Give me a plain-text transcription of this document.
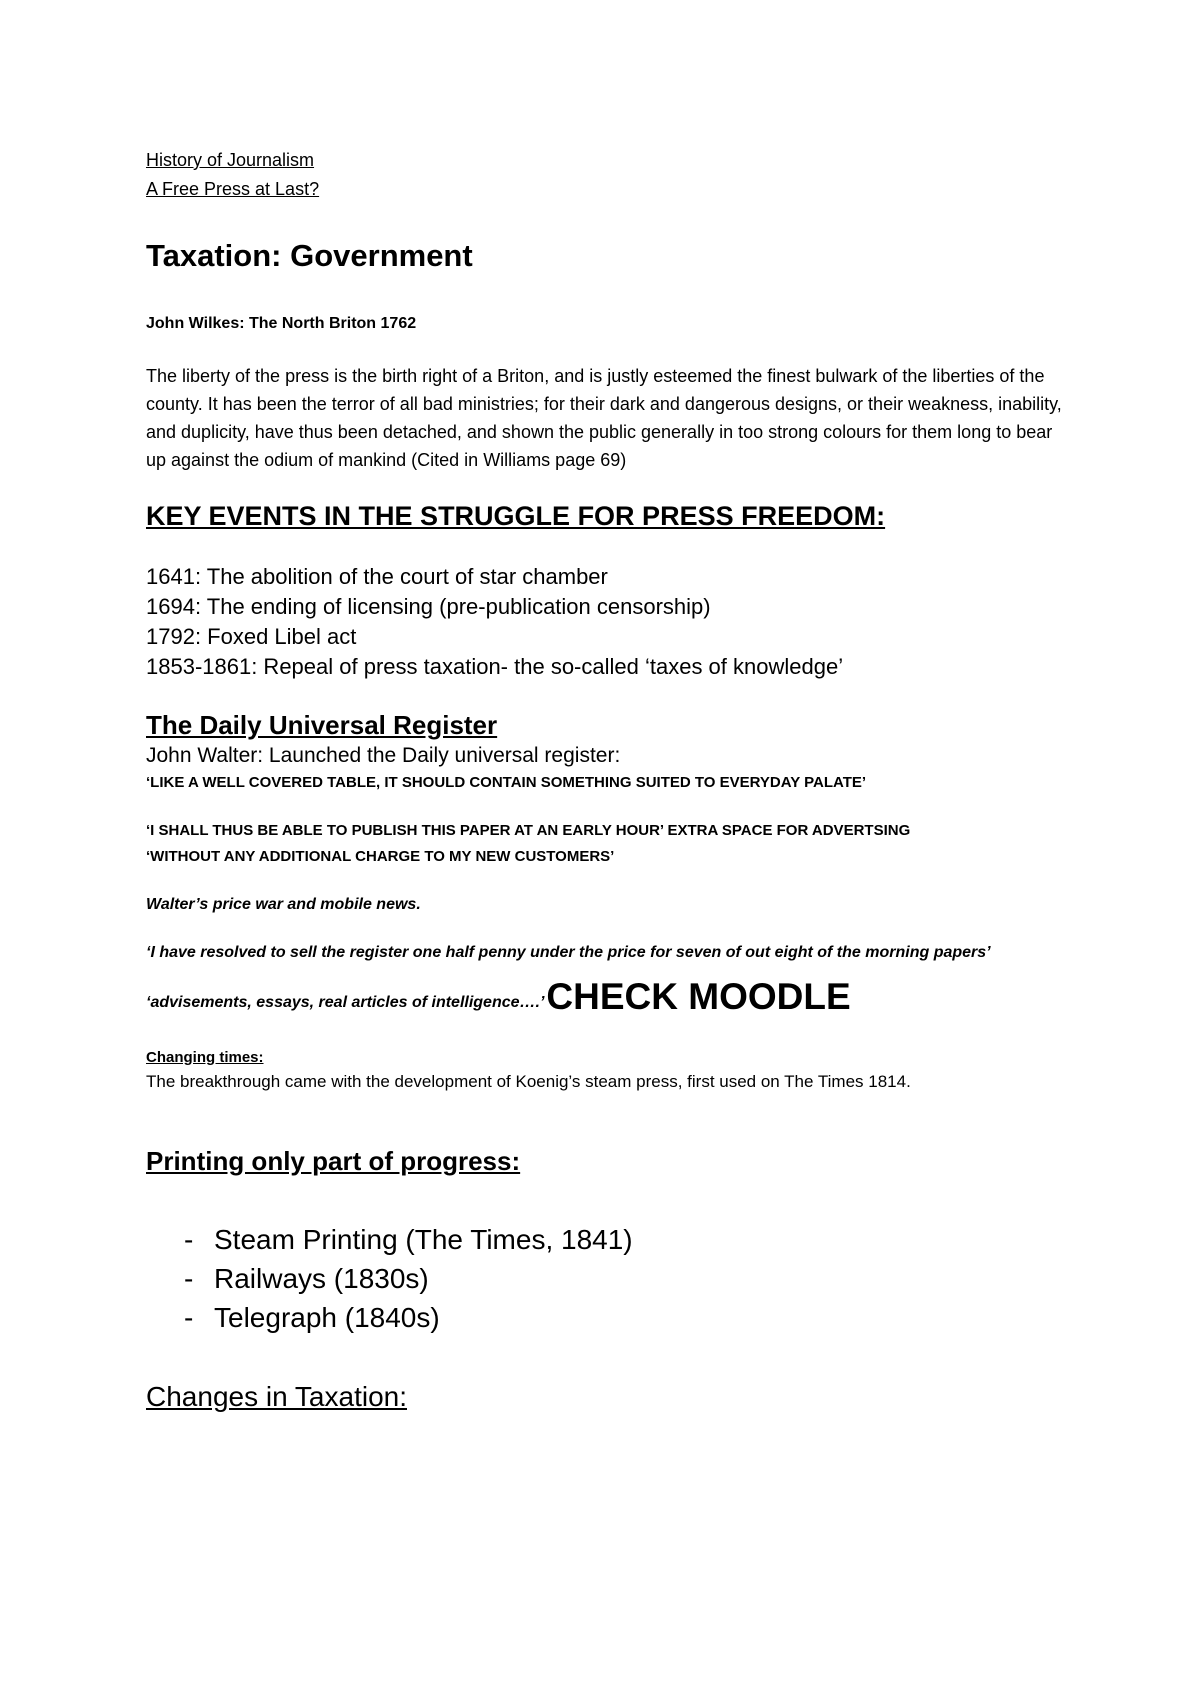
History of Journalism
A Free Press at Last?
Taxation: Government
John Wilkes: The North Briton 1762
The liberty of the press is the birth right of a Briton, and is justly esteemed the finest bulwark of the liberties of the county. It has been the terror of all bad ministries; for their dark and dangerous designs, or their weakness, inability, and duplicity, have thus been detached, and shown the public generally in too strong colours for them long to bear up against the odium of mankind (Cited in Williams page 69)
KEY EVENTS IN THE STRUGGLE FOR PRESS FREEDOM:
1641: The abolition of the court of star chamber
1694: The ending of licensing (pre-publication censorship)
1792: Foxed Libel act
1853-1861: Repeal of press taxation- the so-called ‘taxes of knowledge’
The Daily Universal Register
John Walter: Launched the Daily universal register:
‘LIKE A WELL COVERED TABLE, IT SHOULD CONTAIN SOMETHING SUITED TO EVERYDAY PALATE’
‘I SHALL THUS BE ABLE TO PUBLISH THIS PAPER AT AN EARLY HOUR’ EXTRA SPACE FOR ADVERTSING
‘WITHOUT ANY ADDITIONAL CHARGE TO MY NEW CUSTOMERS’
Walter’s price war and mobile news.
‘I have resolved to sell the register one half penny under the price for seven of out eight of the morning papers’
‘advisements, essays, real articles of intelligence….’CHECK MOODLE
Changing times:
The breakthrough came with the development of Koenig’s steam press, first used on The Times 1814.
Printing only part of progress:
- Steam Printing (The Times, 1841)
- Railways (1830s)
- Telegraph (1840s)
Changes in Taxation:
